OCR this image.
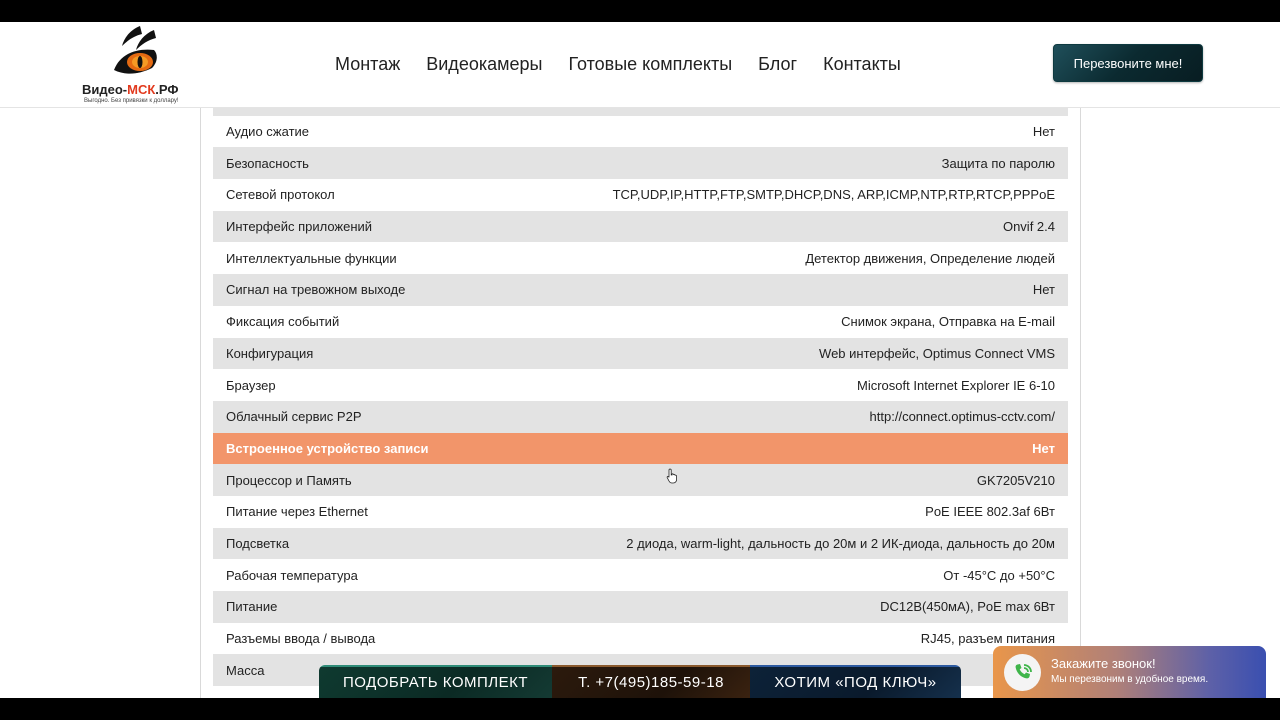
Аудио сжатие	Нет
Безопасность	Защита по паролю
Сетевой протокол	TCP,UDP,IP,HTTP,FTP,SMTP,DHCP,DNS, ARP,ICMP,NTP,RTP,RTCP,PPPoE
Интерфейс приложений	Onvif 2.4
Интеллектуальные функции	Детектор движения, Определение людей
Сигнал на тревожном выходе	Нет
Фиксация событий	Снимок экрана, Отправка на E-mail
Конфигурация	Web интерфейс, Optimus Connect VMS
Браузер	Microsoft Internet Explorer IE 6-10
Облачный сервис P2P	http://connect.optimus-cctv.com/
Встроенное устройство записи	Нет
Процессор и Память	GK7205V210
Питание через Ethernet	PoE IEEE 802.3af 6Вт
Подсветка	2 диода, warm-light, дальность до 20м и 2 ИК-диода, дальность до 20м
Рабочая температура	От -45°C до +50°C
Питание	DC12В(450мА), PoE max 6Вт
Разъемы ввода / вывода	RJ45, разъем питания
Масса
Видео-МСК.РФ
Выгодно. Без привязки к доллару!
Монтаж Видеокамеры Готовые комплекты Блог Контакты	Перезвоните мне!
ПОДОБРАТЬ КОМПЛЕКТ	Т. +7(495)185-59-18	ХОТИМ «ПОД КЛЮЧ»
Закажите звонок!
Мы перезвоним в удобное время.
